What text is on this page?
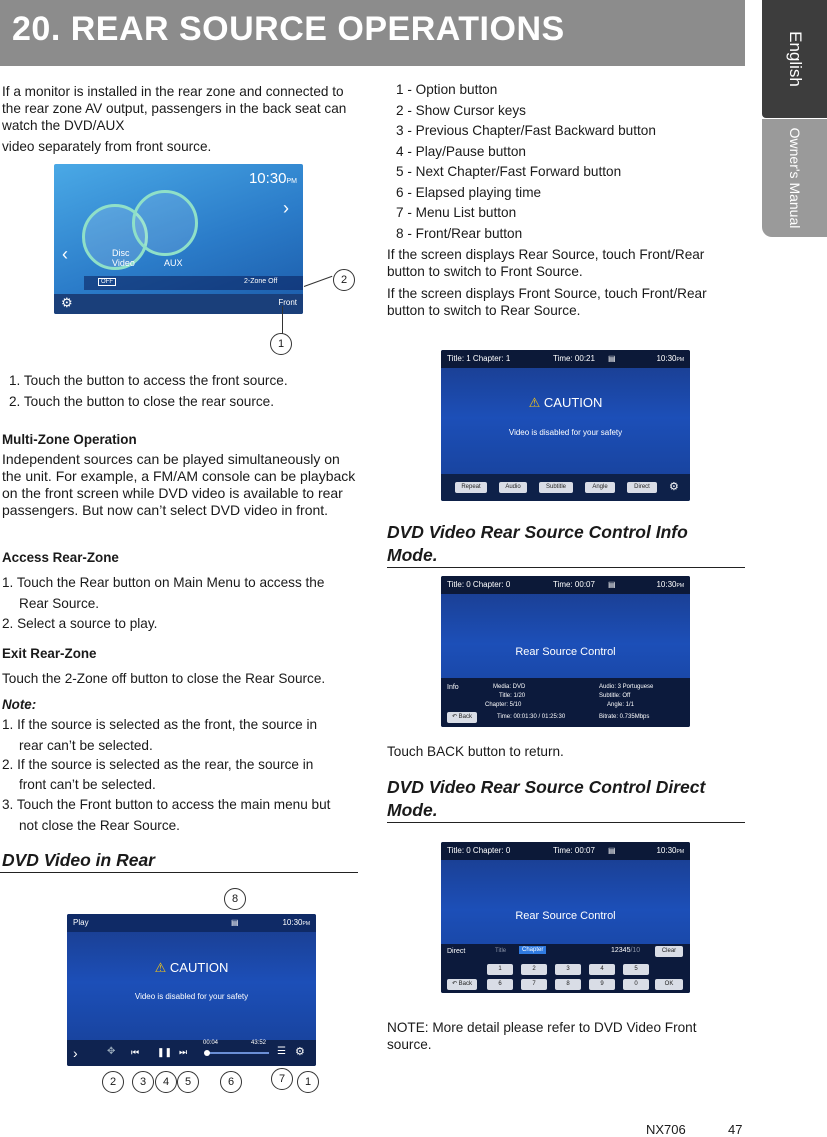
20. REAR SOURCE OPERATIONS
English
Owner's Manual
If a monitor is installed in the rear zone and connected to the rear zone AV output, passengers in the back seat can watch the DVD/AUX
video separately from front source.
10:30PM
‹
›
Disc Video	AUX
OFF	2-Zone Off
⚙	Front
2
1
1. Touch the button to access the front source.
2. Touch the button to close the rear source.
Multi-Zone Operation
Independent sources can be played simultaneously on the unit. For example, a FM/AM console can be playback on the front screen while DVD video is available to rear passengers. But now can’t select DVD video in front.
Access Rear-Zone
1. Touch the Rear button on Main Menu to access the
Rear Source.
2. Select a source to play.
Exit Rear-Zone
Touch the 2-Zone off button to close the Rear Source.
Note:
1. If the source is selected as the front, the source in
rear can’t be selected.
2. If the source is selected as the rear, the source in
front can’t be selected.
3. Touch the Front button to access the main menu but
not close the Rear Source.
DVD Video in Rear
Play	▤	10:30PM
⚠ CAUTION
Video is disabled for your safety
›	✥ ⏮ ❚❚ ⏭
00:04	43:52
☰ ⚙
8
2	3	4	5	6	7	1
1 - Option button
2 - Show Cursor keys
3 - Previous Chapter/Fast Backward button
4 - Play/Pause button
5 - Next Chapter/Fast Forward button
6 - Elapsed playing time
7 - Menu List button
8 - Front/Rear button
If the screen displays Rear Source, touch Front/Rear button to switch to Front Source.
If the screen displays Front Source, touch Front/Rear button to switch to Rear Source.
Title: 1 Chapter: 1	Time: 00:21 ▤	10:30PM
⚠ CAUTION
Video is disabled for your safety
Repeat	Audio	Subtitle	Angle	Direct	⚙
DVD Video Rear Source Control Info
Mode.
Title: 0 Chapter: 0	Time: 00:07 ▤	10:30PM
Rear Source Control
Info
↶ Back
Media: DVD
Title: 1/20
Chapter: 5/10
Time: 00:01:30 / 01:25:30
Audio: 3 Portuguese
Subtitle: Off
Angle: 1/1
Bitrate: 0.735Mbps
Touch BACK button to return.
DVD Video Rear Source Control Direct
Mode.
Title: 0 Chapter: 0	Time: 00:07 ▤	10:30PM
Rear Source Control
Direct	Title	Chapter	12345/10	Clear
1	2	3	4	5
↶ Back	6	7	8	9	0	OK
NOTE: More detail please refer to DVD Video Front source.
NX706	47
